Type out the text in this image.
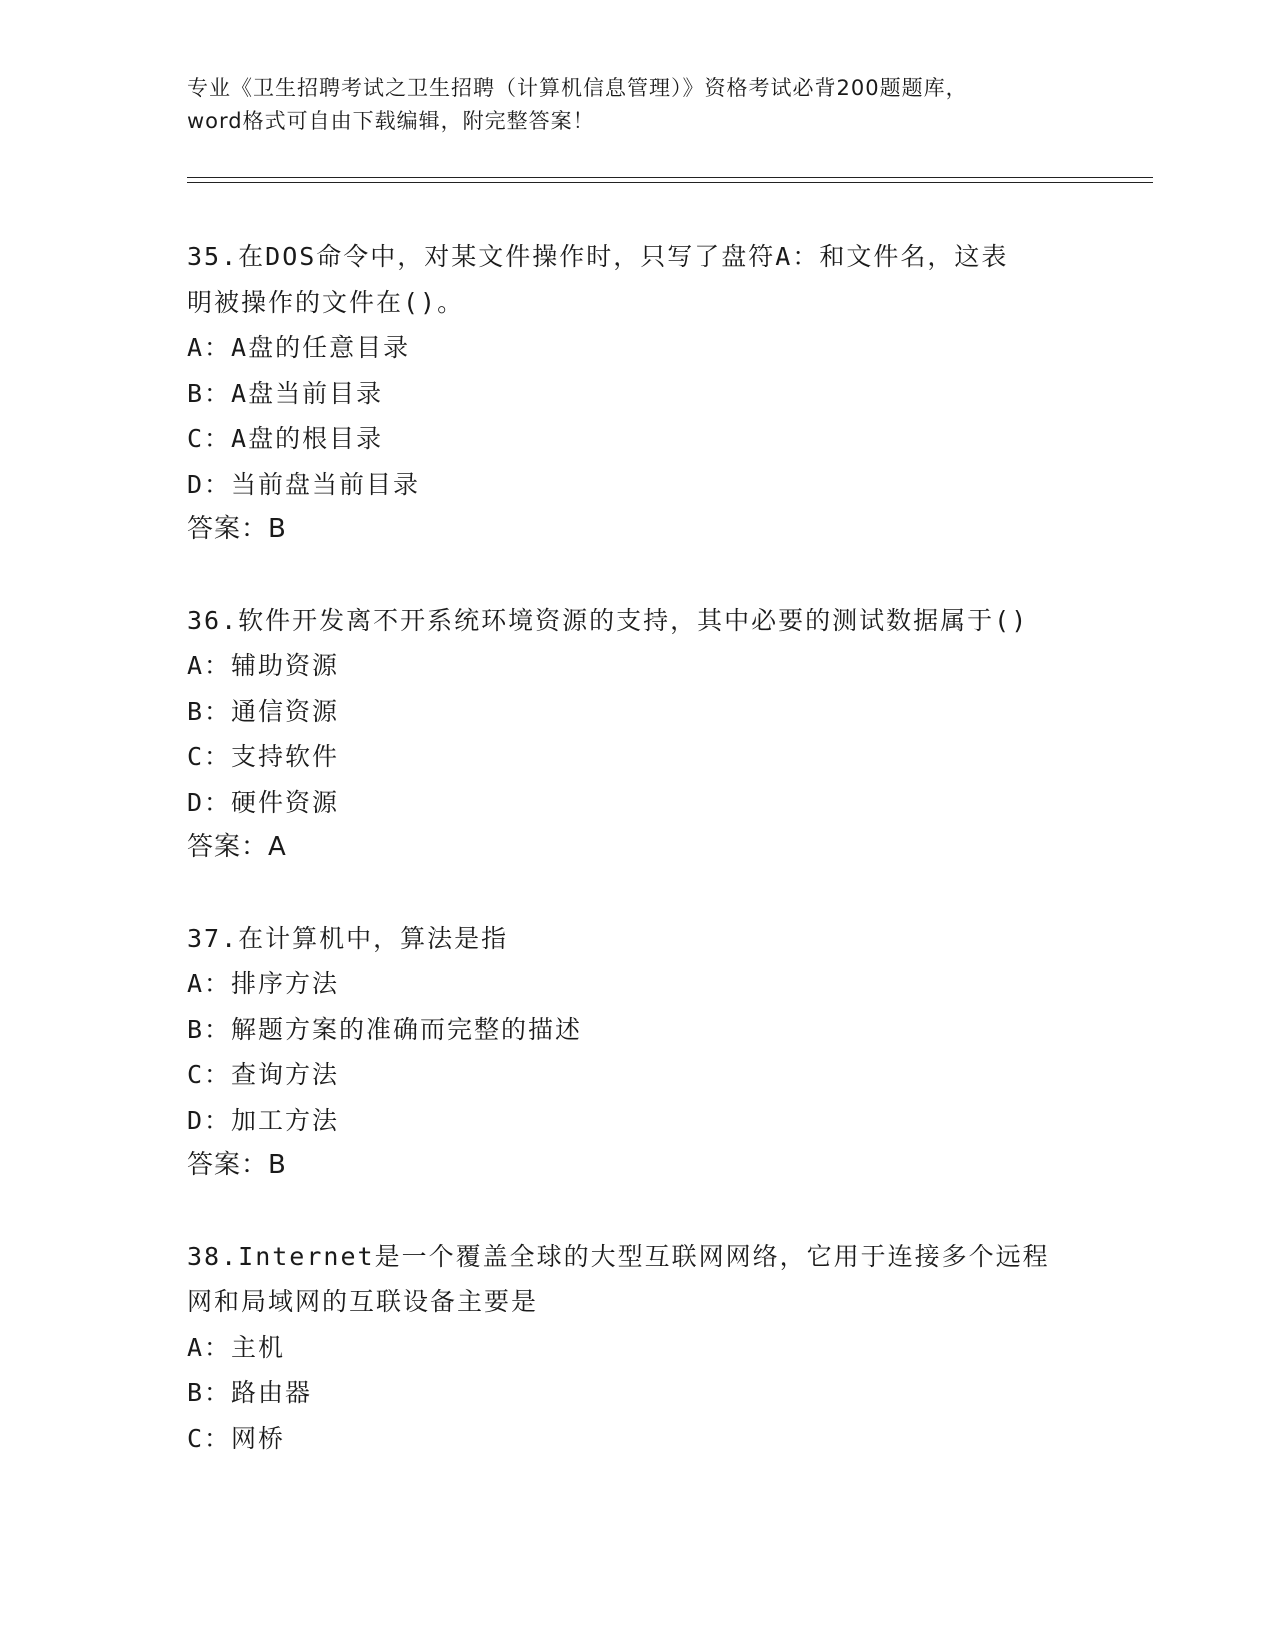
专业《卫生招聘考试之卫生招聘（计算机信息管理）》资格考试必背200题题库，
word格式可自由下载编辑，附完整答案！
35.在DOS命令中，对某文件操作时，只写了盘符A：和文件名，这表
明被操作的文件在()。
A：A盘的任意目录
B：A盘当前目录
C：A盘的根目录
D：当前盘当前目录
答案：B
36.软件开发离不开系统环境资源的支持，其中必要的测试数据属于()
A：辅助资源
B：通信资源
C：支持软件
D：硬件资源
答案：A
37.在计算机中，算法是指
A：排序方法
B：解题方案的准确而完整的描述
C：查询方法
D：加工方法
答案：B
38.Internet是一个覆盖全球的大型互联网网络，它用于连接多个远程
网和局域网的互联设备主要是
A：主机
B：路由器
C：网桥
